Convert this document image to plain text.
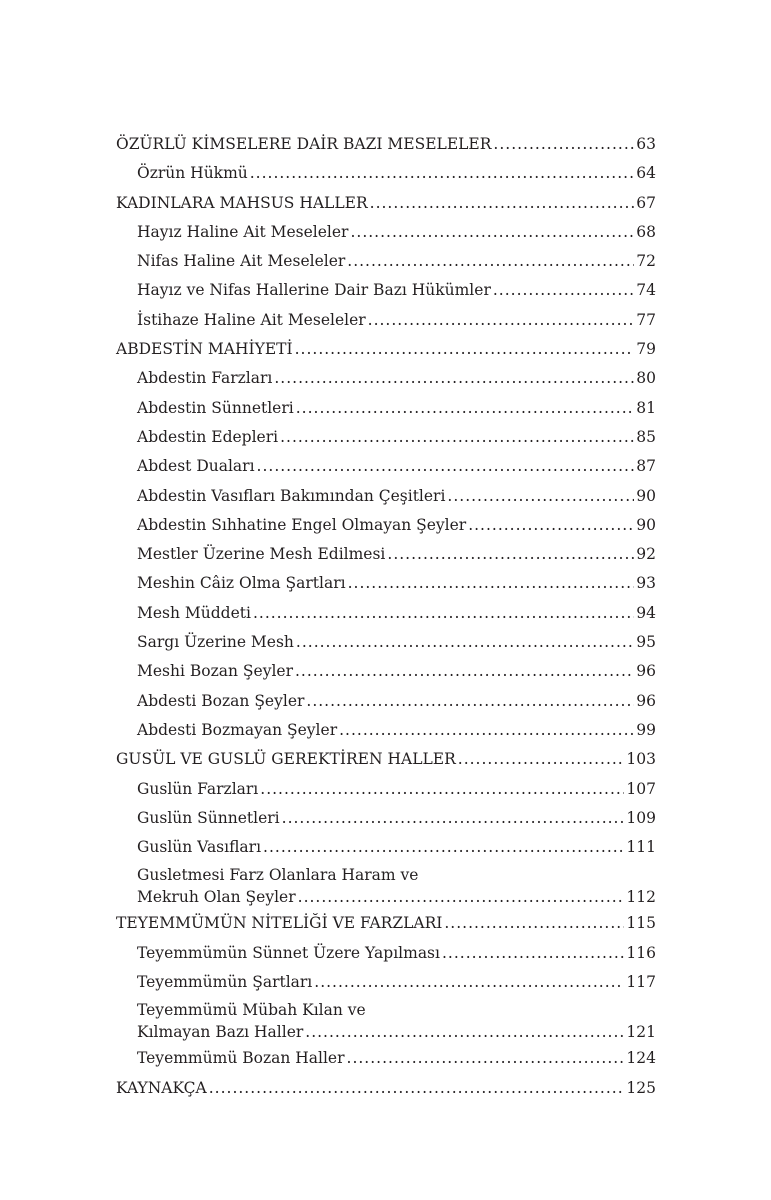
ÖZÜRLÜ KİMSELERE DAİR BAZI MESELELER .....	63
Özrün Hükmü .....	64
KADINLARA MAHSUS HALLER .....	67
Hayız Haline Ait Meseleler .....	68
Nifas Haline Ait Meseleler .....	72
Hayız ve Nifas Hallerine Dair Bazı Hükümler .....	74
İstihaze Haline Ait Meseleler .....	77
ABDESTİN MAHİYETİ .....	79
Abdestin Farzları .....	80
Abdestin Sünnetleri .....	81
Abdestin Edepleri .....	85
Abdest Duaları .....	87
Abdestin Vasıfları Bakımından Çeşitleri .....	90
Abdestin Sıhhatine Engel Olmayan Şeyler .....	90
Mestler Üzerine Mesh Edilmesi .....	92
Meshin Câiz Olma Şartları .....	93
Mesh Müddeti .....	94
Sargı Üzerine Mesh .....	95
Meshi Bozan Şeyler .....	96
Abdesti Bozan Şeyler .....	96
Abdesti Bozmayan Şeyler .....	99
GUSÜL VE GUSLÜ GEREKTİREN HALLER .....	103
Guslün Farzları .....	107
Guslün Sünnetleri .....	109
Guslün Vasıfları .....	111
Gusletmesi Farz Olanlara Haram ve
Mekruh Olan Şeyler .....	112
TEYEMMÜMÜN NİTELİĞİ VE FARZLARI .....	115
Teyemmümün Sünnet Üzere Yapılması .....	116
Teyemmümün Şartları .....	117
Teyemmümü Mübah Kılan ve
Kılmayan Bazı Haller .....	121
Teyemmümü Bozan Haller .....	124
KAYNAKÇA .....	125
